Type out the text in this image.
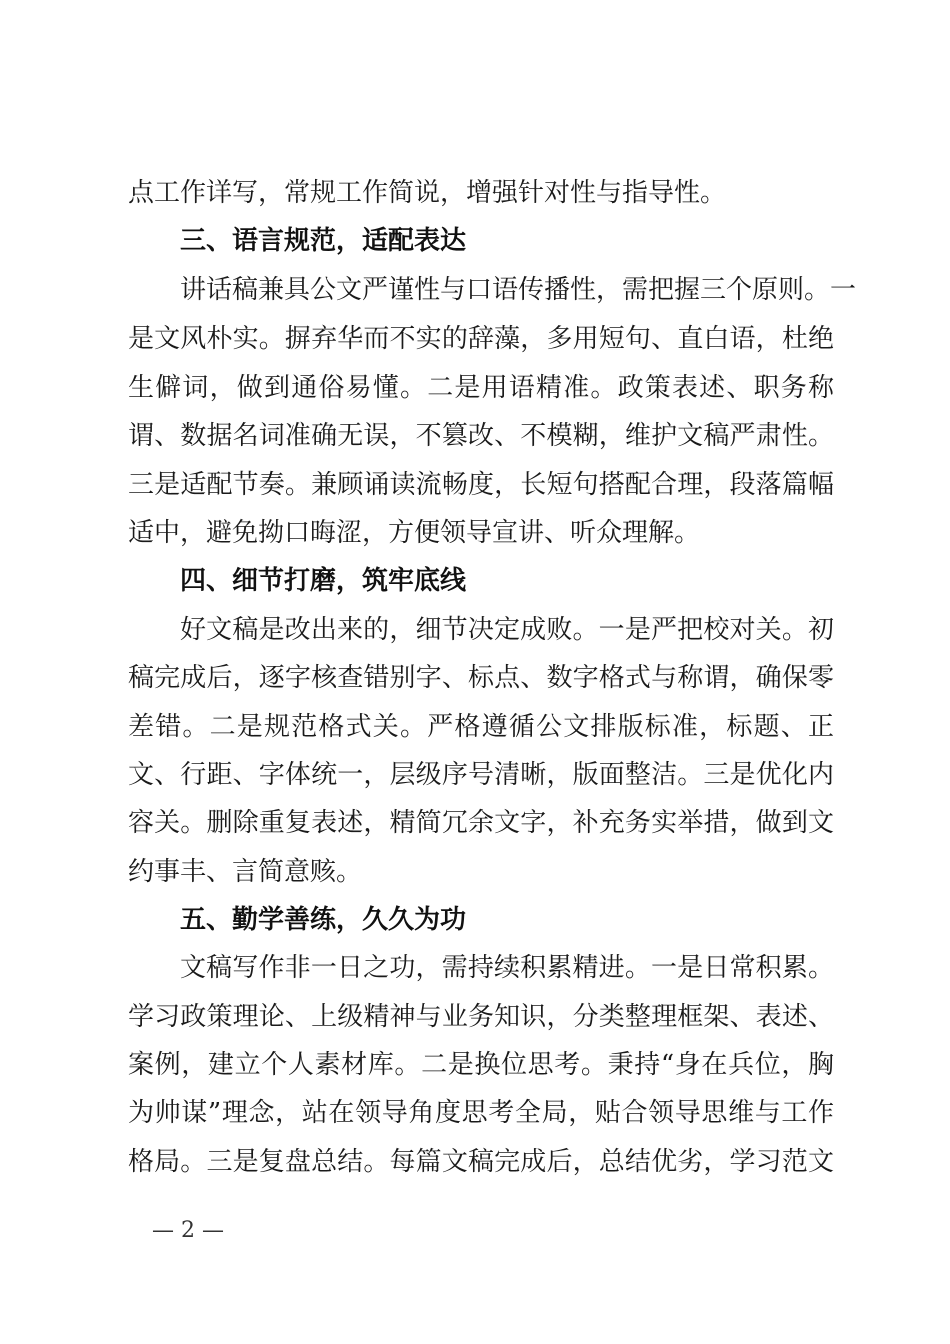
点工作详写，常规工作简说，增强针对性与指导性。
三、语言规范，适配表达
讲话稿兼具公文严谨性与口语传播性，需把握三个原则。一
是文风朴实。摒弃华而不实的辞藻，多用短句、直白语，杜绝
生僻词，做到通俗易懂。二是用语精准。政策表述、职务称
谓、数据名词准确无误，不篡改、不模糊，维护文稿严肃性。
三是适配节奏。兼顾诵读流畅度，长短句搭配合理，段落篇幅
适中，避免拗口晦涩，方便领导宣讲、听众理解。
四、细节打磨，筑牢底线
好文稿是改出来的，细节决定成败。一是严把校对关。初
稿完成后，逐字核查错别字、标点、数字格式与称谓，确保零
差错。二是规范格式关。严格遵循公文排版标准，标题、正
文、行距、字体统一，层级序号清晰，版面整洁。三是优化内
容关。删除重复表述，精简冗余文字，补充务实举措，做到文
约事丰、言简意赅。
五、勤学善练，久久为功
文稿写作非一日之功，需持续积累精进。一是日常积累。
学习政策理论、上级精神与业务知识，分类整理框架、表述、
案例，建立个人素材库。二是换位思考。秉持“身在兵位，胸
为帅谋”理念，站在领导角度思考全局，贴合领导思维与工作
格局。三是复盘总结。每篇文稿完成后，总结优劣，学习范文
— 2 —
